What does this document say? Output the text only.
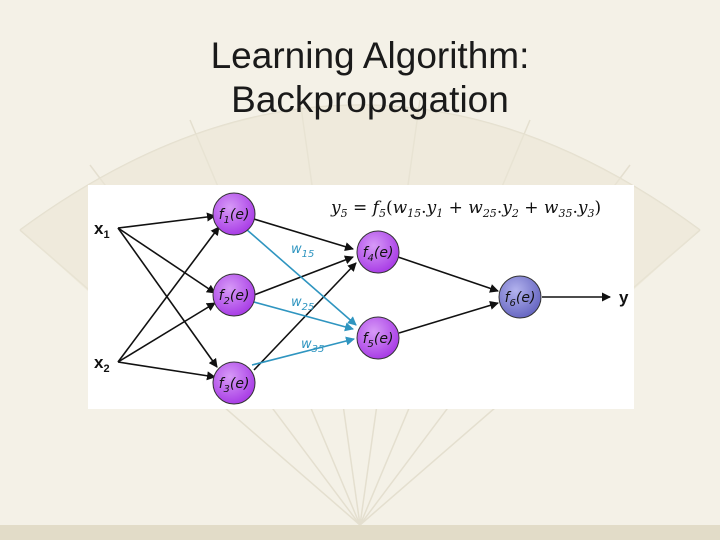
Learning Algorithm:
Backpropagation
$y_5 = f_5(w_{15}.y_1 + w_{25}.y_2 + w_{35}.y_3)$
$w_{15}$
$w_{25}$
$w_{35}$
$x_1$
$x_2$
y
$f_1(e)$
$f_2(e)$
$f_3(e)$
$f_4(e)$
$f_5(e)$
$f_6(e)$
